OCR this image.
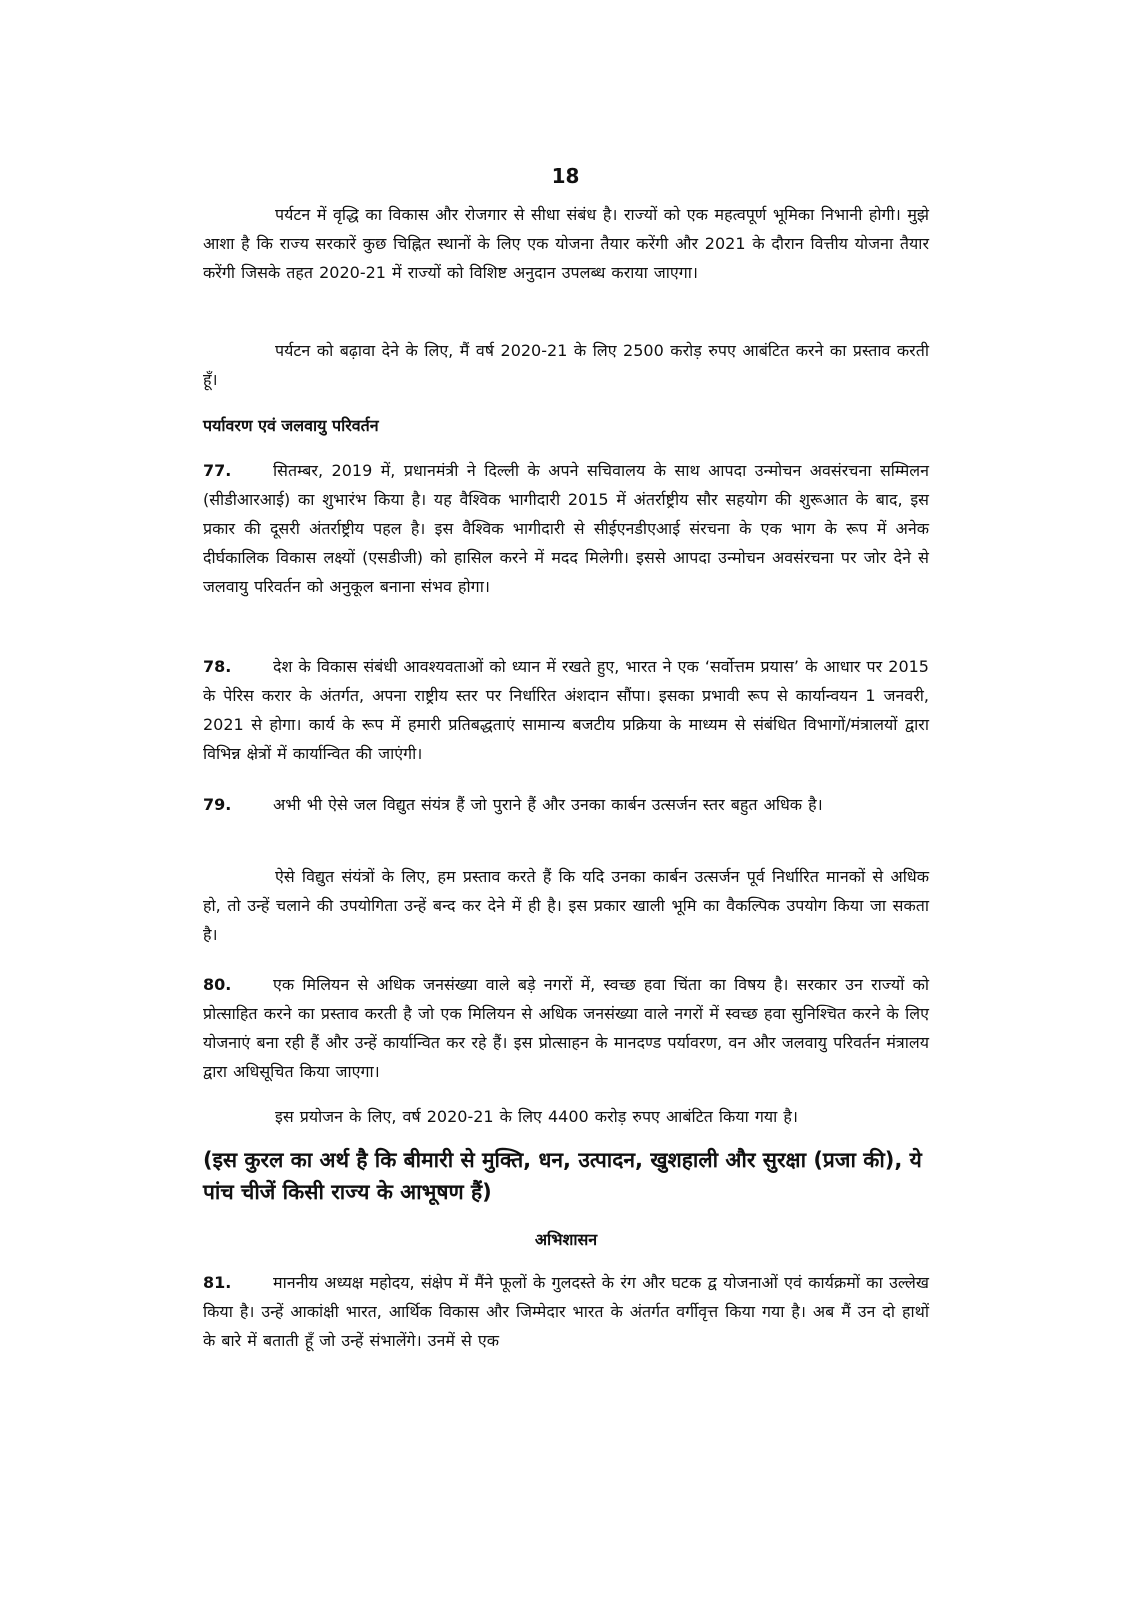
18

पर्यटन में वृद्धि का विकास और रोजगार से सीधा संबंध है। राज्यों को एक महत्वपूर्ण भूमिका निभानी होगी। मुझे आशा है कि राज्य सरकारें कुछ चिह्नित स्थानों के लिए एक योजना तैयार करेंगी और 2021 के दौरान वित्तीय योजना तैयार करेंगी जिसके तहत 2020-21 में राज्यों को विशिष्ट अनुदान उपलब्ध कराया जाएगा।

पर्यटन को बढ़ावा देने के लिए, मैं वर्ष 2020-21 के लिए 2500 करोड़ रुपए आबंटित करने का प्रस्ताव करती हूँ।

पर्यावरण एवं जलवायु परिवर्तन

77.	सितम्बर, 2019 में, प्रधानमंत्री ने दिल्ली के अपने सचिवालय के साथ आपदा उन्मोचन अवसंरचना सम्मिलन (सीडीआरआई) का शुभारंभ किया है। यह वैश्विक भागीदारी 2015 में अंतर्राष्ट्रीय सौर सहयोग की शुरूआत के बाद, इस प्रकार की दूसरी अंतर्राष्ट्रीय पहल है। इस वैश्विक भागीदारी से सीईएनडीएआई संरचना के एक भाग के रूप में अनेक दीर्घकालिक विकास लक्ष्यों (एसडीजी) को हासिल करने में मदद मिलेगी। इससे आपदा उन्मोचन अवसंरचना पर जोर देने से जलवायु परिवर्तन को अनुकूल बनाना संभव होगा।

78.	देश के विकास संबंधी आवश्यवताओं को ध्यान में रखते हुए, भारत ने एक ‘सर्वोत्तम प्रयास’ के आधार पर 2015 के पेरिस करार के अंतर्गत, अपना राष्ट्रीय स्तर पर निर्धारित अंशदान सौंपा। इसका प्रभावी रूप से कार्यान्वयन 1 जनवरी, 2021 से होगा। कार्य के रूप में हमारी प्रतिबद्धताएं सामान्य बजटीय प्रक्रिया के माध्यम से संबंधित विभागों/मंत्रालयों द्वारा विभिन्न क्षेत्रों में कार्यान्वित की जाएंगी।

79.	अभी भी ऐसे जल विद्युत संयंत्र हैं जो पुराने हैं और उनका कार्बन उत्सर्जन स्तर बहुत अधिक है।

ऐसे विद्युत संयंत्रों के लिए, हम प्रस्ताव करते हैं कि यदि उनका कार्बन उत्सर्जन पूर्व निर्धारित मानकों से अधिक हो, तो उन्हें चलाने की उपयोगिता उन्हें बन्द कर देने में ही है। इस प्रकार खाली भूमि का वैकल्पिक उपयोग किया जा सकता है।

80.	एक मिलियन से अधिक जनसंख्या वाले बड़े नगरों में, स्वच्छ हवा चिंता का विषय है। सरकार उन राज्यों को प्रोत्साहित करने का प्रस्ताव करती है जो एक मिलियन से अधिक जनसंख्या वाले नगरों में स्वच्छ हवा सुनिश्चित करने के लिए योजनाएं बना रही हैं और उन्हें कार्यान्वित कर रहे हैं। इस प्रोत्साहन के मानदण्ड पर्यावरण, वन और जलवायु परिवर्तन मंत्रालय द्वारा अधिसूचित किया जाएगा।

इस प्रयोजन के लिए, वर्ष 2020-21 के लिए 4400 करोड़ रुपए आबंटित किया गया है।

(इस कुरल का अर्थ है कि बीमारी से मुक्ति, धन, उत्पादन, खुशहाली और सुरक्षा (प्रजा की), ये पांच चीजें किसी राज्य के आभूषण हैं)

अभिशासन

81.	माननीय अध्यक्ष महोदय, संक्षेप में मैंने फूलों के गुलदस्ते के रंग और घटक द्व योजनाओं एवं कार्यक्रमों का उल्लेख किया है। उन्हें आकांक्षी भारत, आर्थिक विकास और जिम्मेदार भारत के अंतर्गत वर्गीवृत्त किया गया है। अब मैं उन दो हाथों के बारे में बताती हूँ जो उन्हें संभालेंगे। उनमें से एक
